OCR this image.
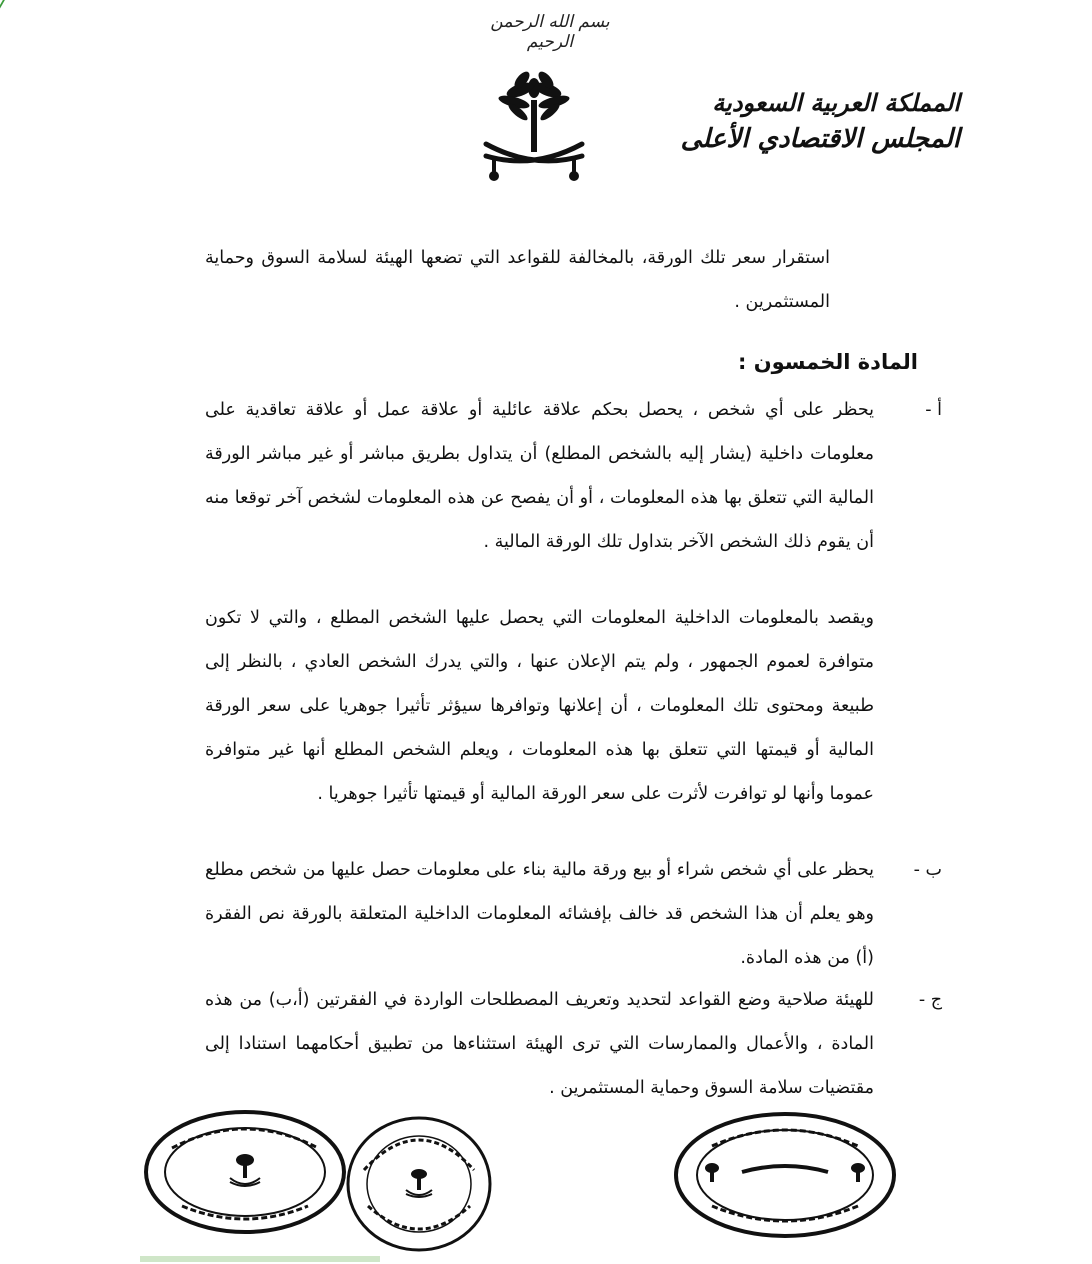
بسم الله الرحمن الرحيم
المملكة العربية السعودية
المجلس الاقتصادي الأعلى
استقرار سعر تلك الورقة، بالمخالفة للقواعد التي تضعها الهيئة لسلامة السوق وحماية المستثمرين .
المادة الخمسون :
أ -
يحظر على أي شخص ، يحصل بحكم علاقة عائلية أو علاقة عمل أو علاقة تعاقدية على معلومات داخلية (يشار إليه بالشخص المطلع) أن يتداول بطريق مباشر أو غير مباشر الورقة المالية التي تتعلق بها هذه المعلومات ، أو أن يفصح عن هذه المعلومات لشخص آخر توقعا منه أن يقوم ذلك الشخص الآخر بتداول تلك الورقة المالية .
ويقصد بالمعلومات الداخلية المعلومات التي يحصل عليها الشخص المطلع ، والتي لا تكون متوافرة لعموم الجمهور ، ولم يتم الإعلان عنها ، والتي يدرك الشخص العادي ، بالنظر إلى طبيعة ومحتوى تلك المعلومات ، أن إعلانها وتوافرها سيؤثر تأثيرا جوهريا على سعر الورقة المالية أو قيمتها التي تتعلق بها هذه المعلومات ، ويعلم الشخص المطلع أنها غير متوافرة عموما وأنها لو توافرت لأثرت على سعر الورقة المالية أو قيمتها تأثيرا جوهريا .
ب -
يحظر على أي شخص شراء أو بيع ورقة مالية بناء على معلومات حصل عليها من شخص مطلع وهو يعلم أن هذا الشخص قد خالف بإفشائه المعلومات الداخلية المتعلقة بالورقة نص الفقرة (أ) من هذه المادة.
ج -
للهيئة صلاحية وضع القواعد لتحديد وتعريف المصطلحات الواردة في الفقرتين (أ،ب) من هذه المادة ، والأعمال والممارسات التي ترى الهيئة استثناءها من تطبيق أحكامهما استنادا إلى مقتضيات سلامة السوق وحماية المستثمرين .
